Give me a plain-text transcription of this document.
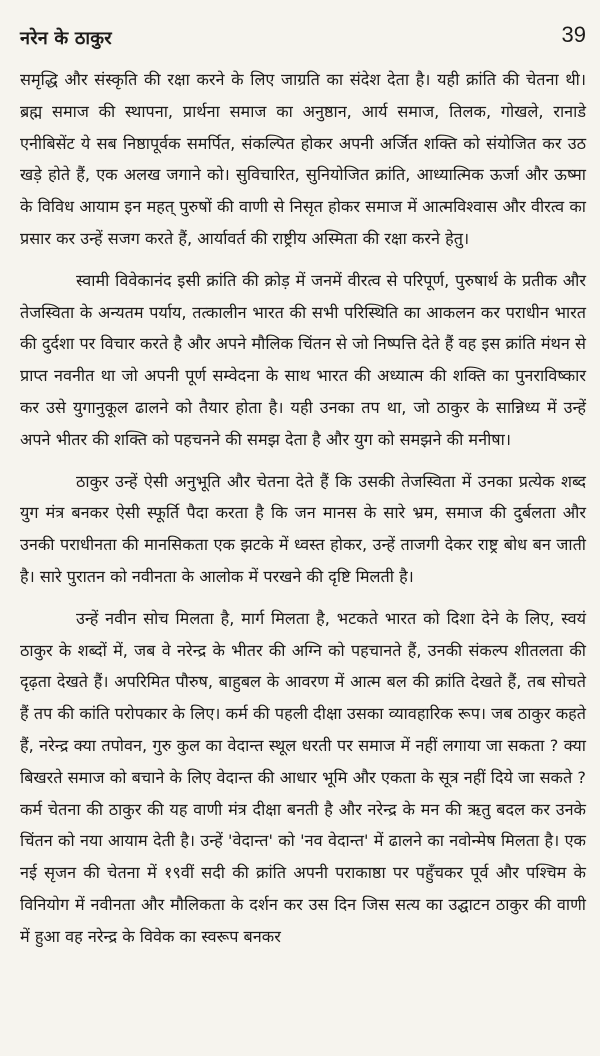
नरेन के ठाकुर	39

समृद्धि और संस्कृति की रक्षा करने के लिए जाग्रति का संदेश देता है। यही क्रांति की चेतना थी। ब्रह्म समाज की स्थापना, प्रार्थना समाज का अनुष्ठान, आर्य समाज, तिलक, गोखले, रानाडे एनीबिसेंट ये सब निष्ठापूर्वक समर्पित, संकल्पित होकर अपनी अर्जित शक्ति को संयोजित कर उठ खड़े होते हैं, एक अलख जगाने को। सुविचारित, सुनियोजित क्रांति, आध्यात्मिक ऊर्जा और ऊष्मा के विविध आयाम इन महत् पुरुषों की वाणी से निसृत होकर समाज में आत्मविश्वास और वीरत्व का प्रसार कर उन्हें सजग करते हैं, आर्यावर्त की राष्ट्रीय अस्मिता की रक्षा करने हेतु।

स्वामी विवेकानंद इसी क्रांति की क्रोड़ में जनमें वीरत्व से परिपूर्ण, पुरुषार्थ के प्रतीक और तेजस्विता के अन्यतम पर्याय, तत्कालीन भारत की सभी परिस्थिति का आकलन कर पराधीन भारत की दुर्दशा पर विचार करते है और अपने मौलिक चिंतन से जो निष्पत्ति देते हैं वह इस क्रांति मंथन से प्राप्त नवनीत था जो अपनी पूर्ण सम्वेदना के साथ भारत की अध्यात्म की शक्ति का पुनराविष्कार कर उसे युगानुकूल ढालने को तैयार होता है। यही उनका तप था, जो ठाकुर के सान्निध्य में उन्हें अपने भीतर की शक्ति को पहचनने की समझ देता है और युग को समझने की मनीषा।

ठाकुर उन्हें ऐसी अनुभूति और चेतना देते हैं कि उसकी तेजस्विता में उनका प्रत्येक शब्द युग मंत्र बनकर ऐसी स्फूर्ति पैदा करता है कि जन मानस के सारे भ्रम, समाज की दुर्बलता और उनकी पराधीनता की मानसिकता एक झटके में ध्वस्त होकर, उन्हें ताजगी देकर राष्ट्र बोध बन जाती है। सारे पुरातन को नवीनता के आलोक में परखने की दृष्टि मिलती है।

उन्हें नवीन सोच मिलता है, मार्ग मिलता है, भटकते भारत को दिशा देने के लिए, स्वयं ठाकुर के शब्दों में, जब वे नरेन्द्र के भीतर की अग्नि को पहचानते हैं, उनकी संकल्प शीतलता की दृढ़ता देखते हैं। अपरिमित पौरुष, बाहुबल के आवरण में आत्म बल की क्रांति देखते हैं, तब सोचते हैं तप की कांति परोपकार के लिए। कर्म की पहली दीक्षा उसका व्यावहारिक रूप। जब ठाकुर कहते हैं, नरेन्द्र क्या तपोवन, गुरु कुल का वेदान्त स्थूल धरती पर समाज में नहीं लगाया जा सकता ? क्या बिखरते समाज को बचाने के लिए वेदान्त की आधार भूमि और एकता के सूत्र नहीं दिये जा सकते ? कर्म चेतना की ठाकुर की यह वाणी मंत्र दीक्षा बनती है और नरेन्द्र के मन की ऋतु बदल कर उनके चिंतन को नया आयाम देती है। उन्हें 'वेदान्त' को 'नव वेदान्त' में ढालने का नवोन्मेष मिलता है। एक नई सृजन की चेतना में १९वीं सदी की क्रांति अपनी पराकाष्ठा पर पहुँचकर पूर्व और पश्चिम के विनियोग में नवीनता और मौलिकता के दर्शन कर उस दिन जिस सत्य का उद्घाटन ठाकुर की वाणी में हुआ वह नरेन्द्र के विवेक का स्वरूप बनकर
